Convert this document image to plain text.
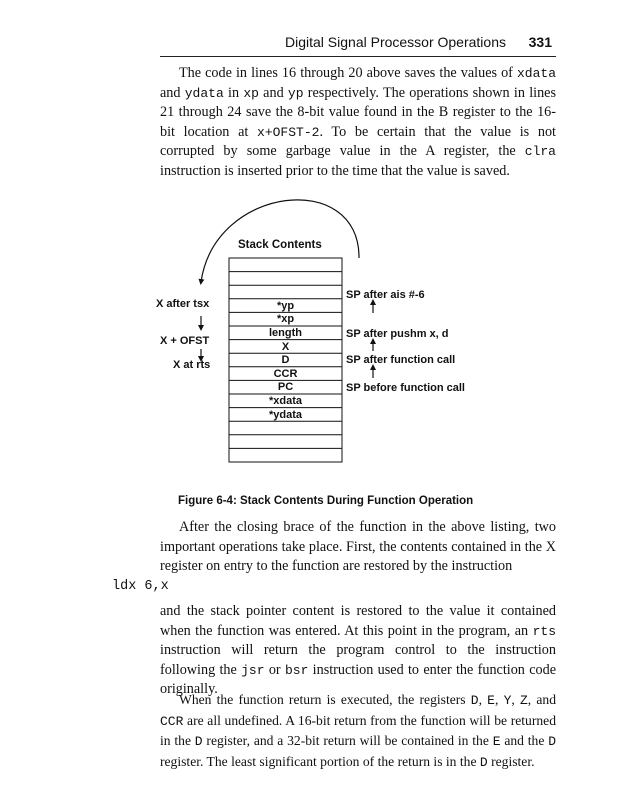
Digital Signal Processor Operations 331

The code in lines 16 through 20 above saves the values of xdata and ydata in xp and yp respectively. The operations shown in lines 21 through 24 save the 8-bit value found in the B register to the 16-bit location at x+OFST-2. To be certain that the value is not corrupted by some garbage value in the A register, the clra instruction is inserted prior to the time that the value is saved.

Stack Contents
*yp
*xp
length
X
D
CCR
PC
*xdata
*ydata
X after tsx
X + OFST
X at rts
SP after ais #-6
SP after pushm x, d
SP after function call
SP before function call
Figure 6-4: Stack Contents During Function Operation

After the closing brace of the function in the above listing, two important operations take place. First, the contents contained in the X register on entry to the function are restored by the instruction

ldx 6,x

and the stack pointer content is restored to the value it contained when the function was entered. At this point in the program, an rts instruction will return the program control to the instruction following the jsr or bsr instruction used to enter the function code originally.

When the function return is executed, the registers D, E, Y, Z, and CCR are all undefined. A 16-bit return from the function will be returned in the D register, and a 32-bit return will be contained in the E and the D register. The least significant portion of the return is in the D register.
